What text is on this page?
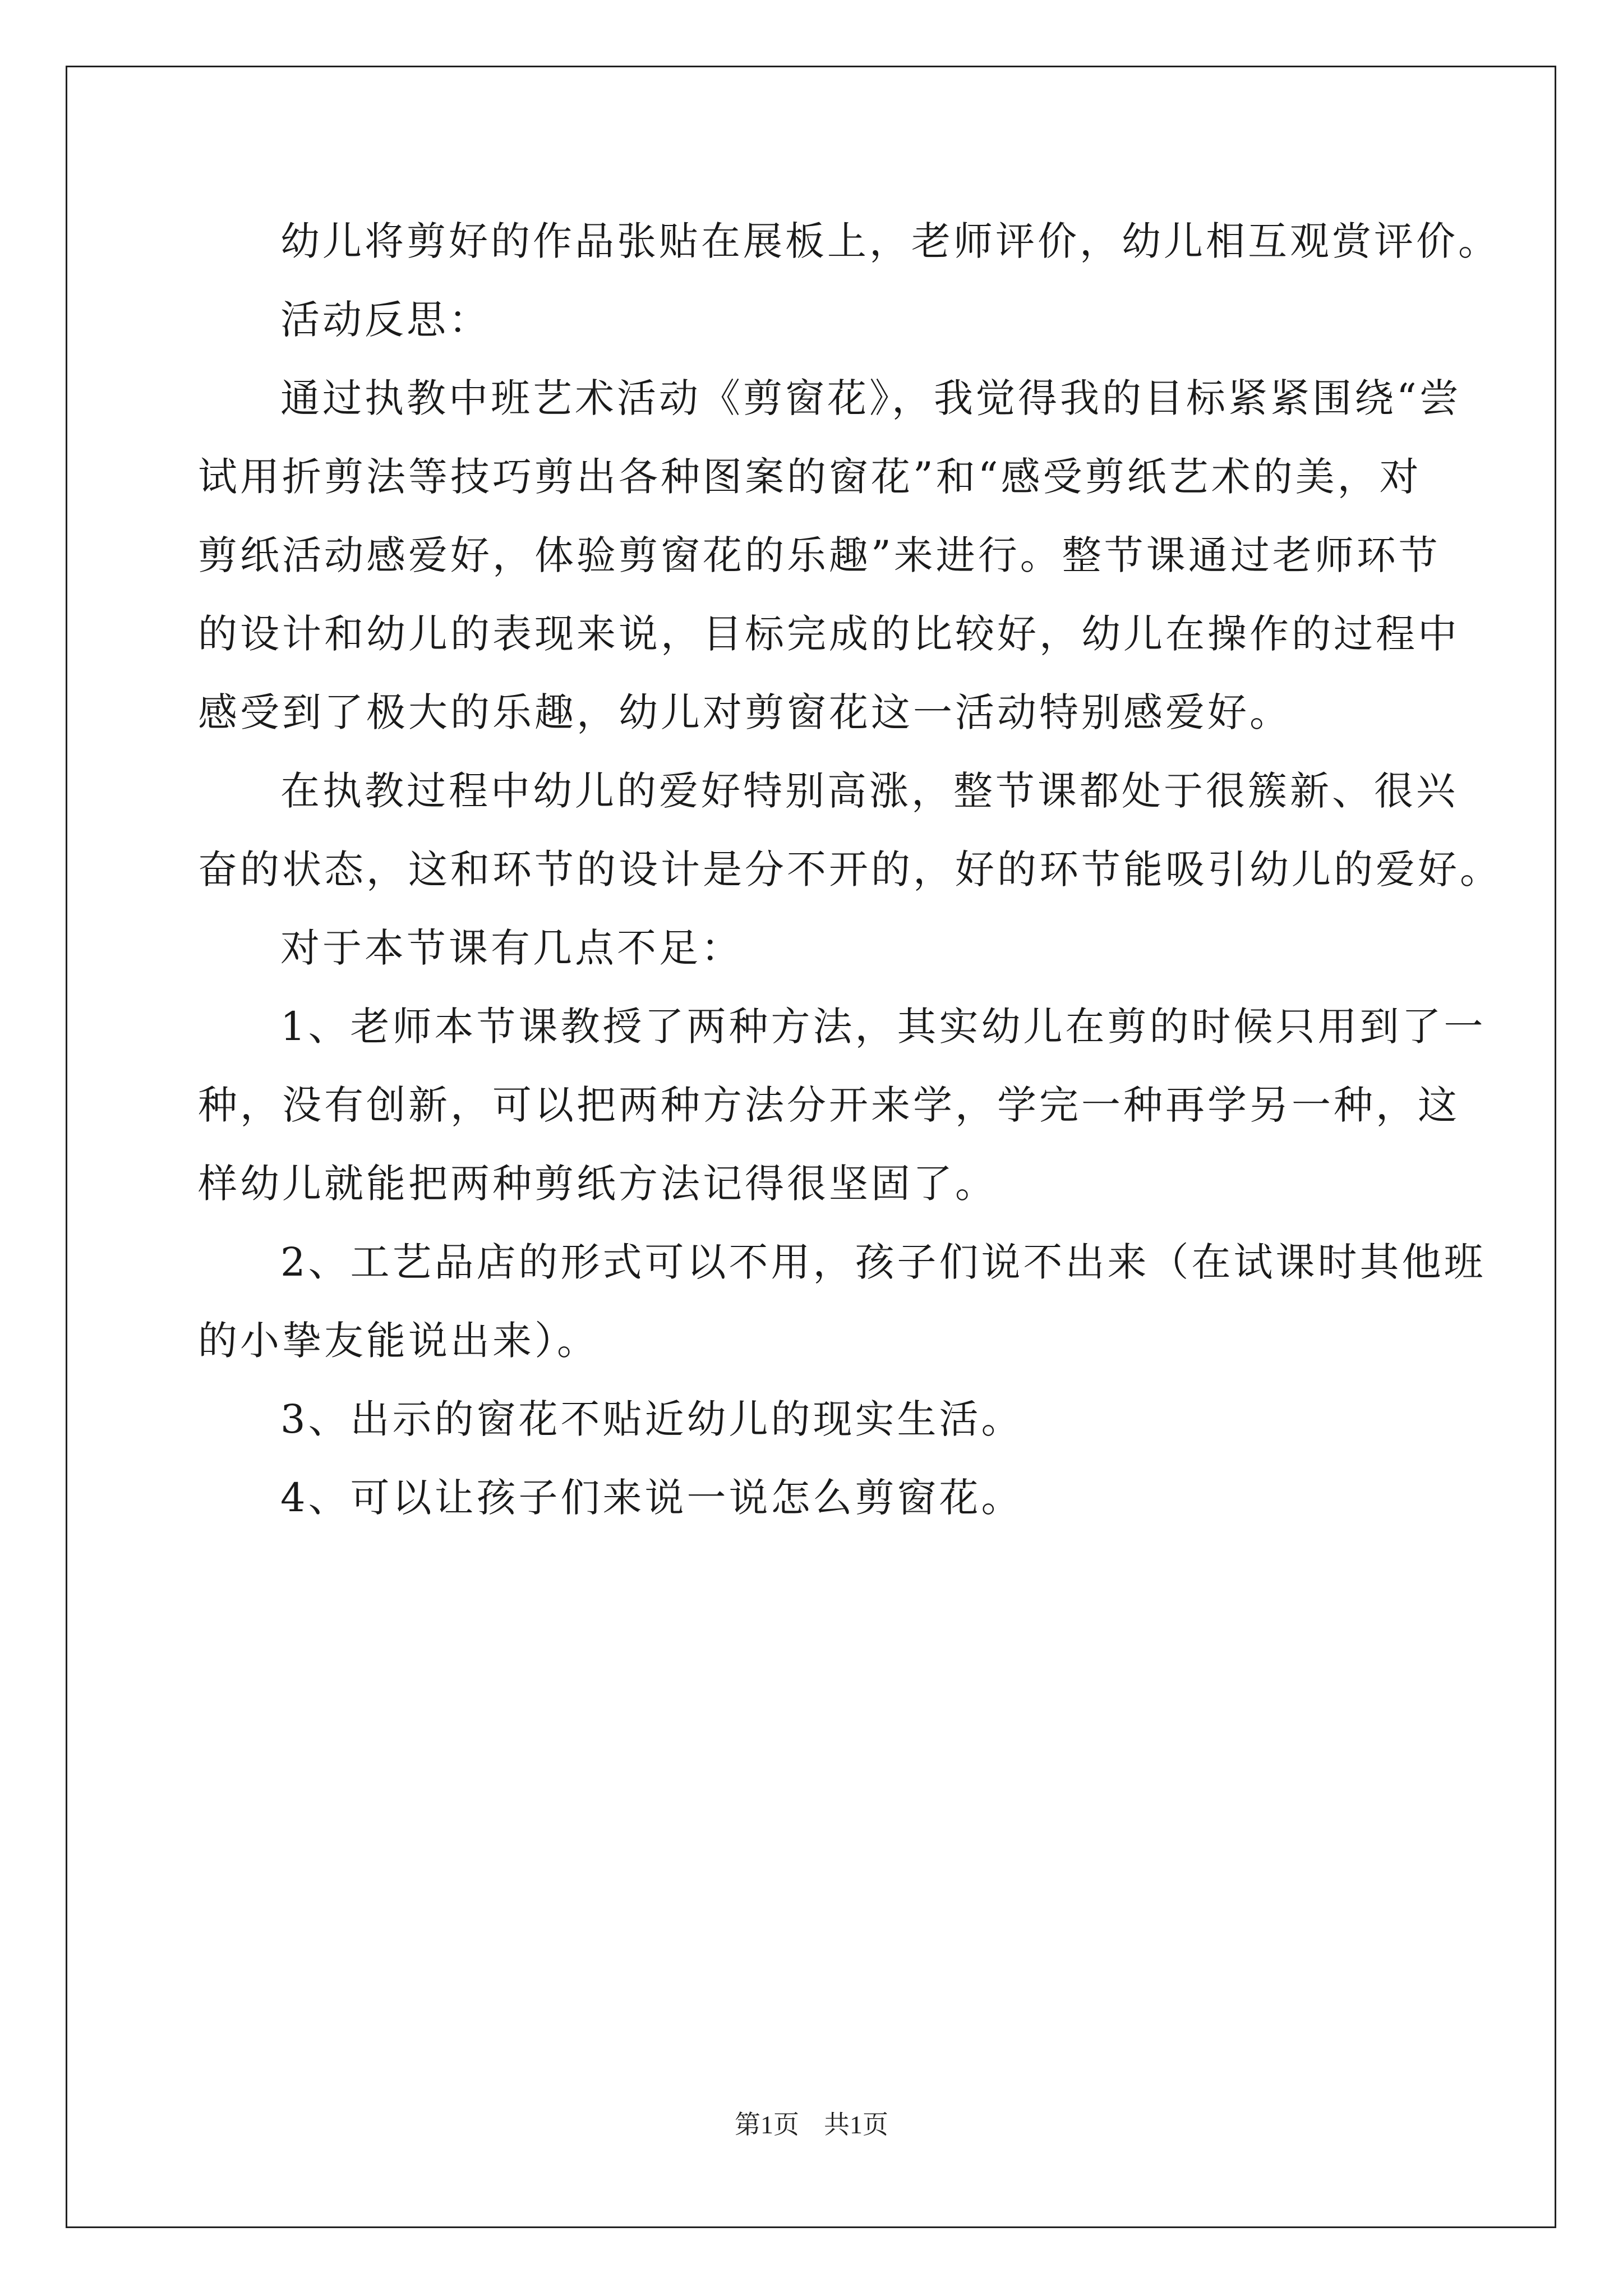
幼儿将剪好的作品张贴在展板上，老师评价，幼儿相互观赏评价。
活动反思：
通过执教中班艺术活动《剪窗花》，我觉得我的目标紧紧围绕“尝
试用折剪法等技巧剪出各种图案的窗花”和“感受剪纸艺术的美，对
剪纸活动感爱好，体验剪窗花的乐趣”来进行。整节课通过老师环节
的设计和幼儿的表现来说，目标完成的比较好，幼儿在操作的过程中
感受到了极大的乐趣，幼儿对剪窗花这一活动特别感爱好。
在执教过程中幼儿的爱好特别高涨，整节课都处于很簇新、很兴
奋的状态，这和环节的设计是分不开的，好的环节能吸引幼儿的爱好。
对于本节课有几点不足：
1、老师本节课教授了两种方法，其实幼儿在剪的时候只用到了一
种，没有创新，可以把两种方法分开来学，学完一种再学另一种，这
样幼儿就能把两种剪纸方法记得很坚固了。
2、工艺品店的形式可以不用，孩子们说不出来（在试课时其他班
的小挚友能说出来）。
3、出示的窗花不贴近幼儿的现实生活。
4、可以让孩子们来说一说怎么剪窗花。
第1页 共1页
